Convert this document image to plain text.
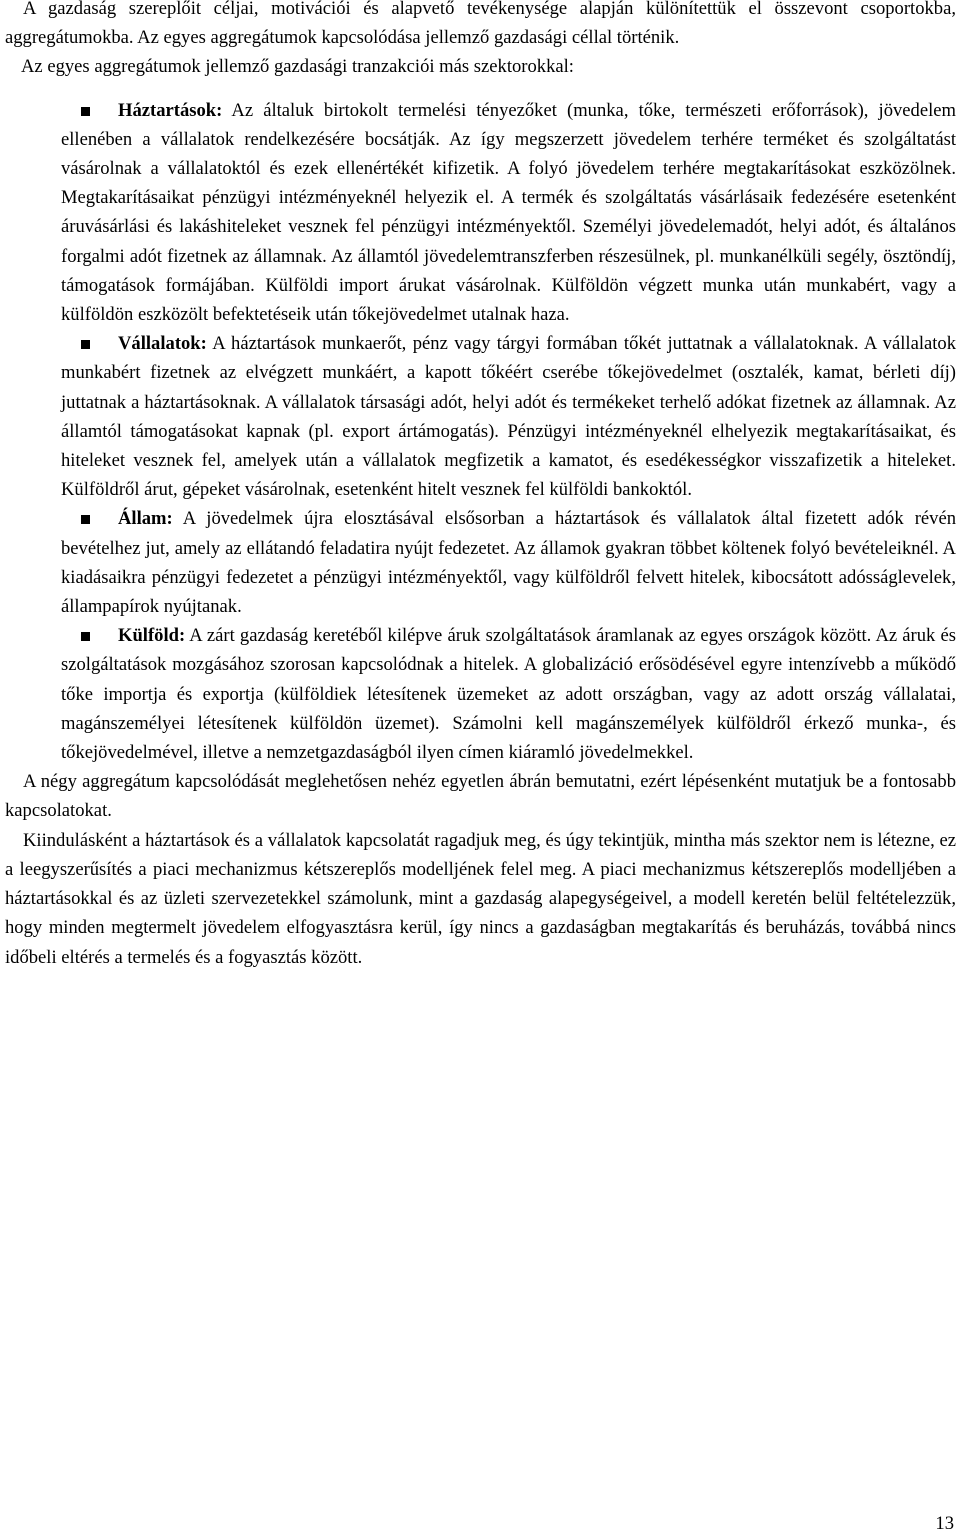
A gazdaság szereplőit céljai, motivációi és alapvető tevékenysége alapján különítettük el összevont csoportokba, aggregátumokba. Az egyes aggregátumok kapcsolódása jellemző gazdasági céllal történik.

Az egyes aggregátumok jellemző gazdasági tranzakciói más szektorokkal:

Háztartások: Az általuk birtokolt termelési tényezőket (munka, tőke, természeti erőforrások), jövedelem ellenében a vállalatok rendelkezésére bocsátják. Az így megszerzett jövedelem terhére terméket és szolgáltatást vásárolnak a vállalatoktól és ezek ellenértékét kifizetik. A folyó jövedelem terhére megtakarításokat eszközölnek. Megtakarításaikat pénzügyi intézményeknél helyezik el. A termék és szolgáltatás vásárlásaik fedezésére esetenként áruvásárlási és lakáshiteleket vesznek fel pénzügyi intézményektől. Személyi jövedelemadót, helyi adót, és általános forgalmi adót fizetnek az államnak. Az államtól jövedelemtranszferben részesülnek, pl. munkanélküli segély, ösztöndíj, támogatások formájában. Külföldi import árukat vásárolnak. Külföldön végzett munka után munkabért, vagy a külföldön eszközölt befektetéseik után tőkejövedelmet utalnak haza.

Vállalatok: A háztartások munkaerőt, pénz vagy tárgyi formában tőkét juttatnak a vállalatoknak. A vállalatok munkabért fizetnek az elvégzett munkáért, a kapott tőkéért cserébe tőkejövedelmet (osztalék, kamat, bérleti díj) juttatnak a háztartásoknak. A vállalatok társasági adót, helyi adót és termékeket terhelő adókat fizetnek az államnak. Az államtól támogatásokat kapnak (pl. export ártámogatás). Pénzügyi intézményeknél elhelyezik megtakarításaikat, és hiteleket vesznek fel, amelyek után a vállalatok megfizetik a kamatot, és esedékességkor visszafizetik a hiteleket. Külföldről árut, gépeket vásárolnak, esetenként hitelt vesznek fel külföldi bankoktól.

Állam: A jövedelmek újra elosztásával elsősorban a háztartások és vállalatok által fizetett adók révén bevételhez jut, amely az ellátandó feladatira nyújt fedezetet. Az államok gyakran többet költenek folyó bevételeiknél. A kiadásaikra pénzügyi fedezetet a pénzügyi intézményektől, vagy külföldről felvett hitelek, kibocsátott adósságlevelek, állampapírok nyújtanak.

Külföld: A zárt gazdaság keretéből kilépve áruk szolgáltatások áramlanak az egyes országok között. Az áruk és szolgáltatások mozgásához szorosan kapcsolódnak a hitelek. A globalizáció erősödésével egyre intenzívebb a működő tőke importja és exportja (külföldiek létesítenek üzemeket az adott országban, vagy az adott ország vállalatai, magánszemélyei létesítenek külföldön üzemet). Számolni kell magánszemélyek külföldről érkező munka-, és tőkejövedelmével, illetve a nemzetgazdaságból ilyen címen kiáramló jövedelmekkel.

A négy aggregátum kapcsolódását meglehetősen nehéz egyetlen ábrán bemutatni, ezért lépésenként mutatjuk be a fontosabb kapcsolatokat.

Kiindulásként a háztartások és a vállalatok kapcsolatát ragadjuk meg, és úgy tekintjük, mintha más szektor nem is létezne, ez a leegyszerűsítés a piaci mechanizmus kétszereplős modelljének felel meg. A piaci mechanizmus kétszereplős modelljében a háztartásokkal és az üzleti szervezetekkel számolunk, mint a gazdaság alapegységeivel, a modell keretén belül feltételezzük, hogy minden megtermelt jövedelem elfogyasztásra kerül, így nincs a gazdaságban megtakarítás és beruházás, továbbá nincs időbeli eltérés a termelés és a fogyasztás között.

13
